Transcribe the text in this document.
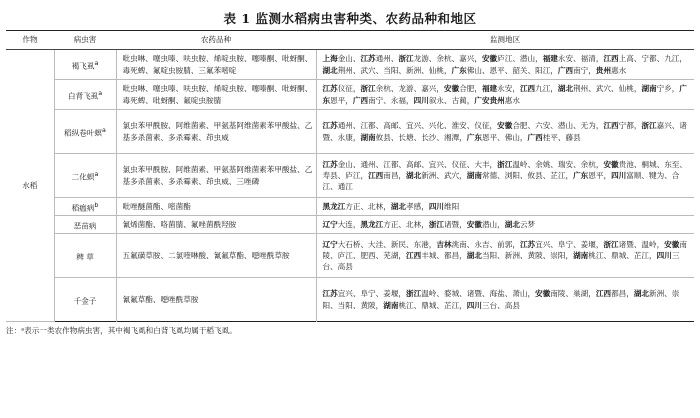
表 1 监测水稻病虫害种类、农药品种和地区
作物	病虫害	农药品种	监测地区
水稻	褐飞虱$^a$	吡虫啉、噻虫嗪、呋虫胺、烯啶虫胺、噻嗪酮、吡蚜酮、毒死蜱、氟啶虫胺腈、三氟苯嘧啶	上海金山、江苏通州、浙江龙游、余杭、嘉兴，安徽庐江、潜山，福建永安、福清，江西上高、宁都、九江，湖北荆州、武穴、当阳、新洲、仙桃，广东佛山、恩平、韶关、阳江，广西南宁，贵州惠水
	白背飞虱$^a$	吡虫啉、噻虫嗪、呋虫胺、烯啶虫胺、噻嗪酮、吡蚜酮、毒死蜱、吡蚜酮、氟啶虫胺腈	江苏仪征，浙江余杭、龙游、嘉兴，安徽合肥，福建永安，江西九江，湖北荆州、武穴、仙桃，湖南宁乡，广东恩平，广西南宁、永福，四川叙永、古蔺，广安贵州惠水
	稻纵卷叶螟$^a$	氯虫苯甲酰胺、阿维菌素、甲氨基阿维菌素苯甲酸盐、乙基多杀菌素、多杀霉素、茚虫威	江苏通州、江都、高邮、宜兴、兴化、淮安、仪征，安徽合肥、六安、潜山、无为，江西宁都，浙江嘉兴、诸暨、永康，湖南攸县、长塘、长沙、湘潭，广东恩平、佛山，广西桂平、藤县
	二化螟$^a$	氯虫苯甲酰胺、阿维菌素、甲氨基阿维菌素苯甲酸盐、乙基多杀菌素、多杀霉素、茚虫威、三唑磷	江苏金山、通州、江都、高邮、宜兴、仪征、大丰，浙江温岭、余姚、瑞安、余杭，安徽贵池、桐城、东至、寿县、庐江，江西南昌，湖北新洲、武穴，湖南常德、浏阳、攸县、芷江，广东恩平，四川富顺、犍为、合江、通江
	稻瘟病$^b$	吡唑醚菌酯、嘧菌酯	黑龙江方正、北林，湖北孝感，四川维阳
	恶苗病	氰烯菌酯、咯菌腈、氟唑菌酰羟胺	辽宁大连，黑龙江方正、北林，浙江诸暨，安徽潜山，湖北云梦
	稗 草	五氟磺草胺、二氯喹啉酸、氰氟草酯、噁唑酰草胺	辽宁大石桥、大洼、新民、东港，吉林洮南、永吉、前郭，江苏宜兴、阜宁、姜堰，浙江诸暨、温岭，安徽南陵、庐江、肥西、芜湖，江西丰城、都昌，湖北当阳、新洲、黄陂、崇阳，湖南桃江、鼎城、芷江，四川三台、高县
	千金子	氰氟草酯、噁唑酰草胺	江苏宜兴、阜宁、姜堰，浙江温岭、婺城、诸暨、海盐、萧山，安徽南陵、巢湖，江西都昌，湖北新洲、崇阳、当阳、黄陂，湖南桃江、鼎城、芷江，四川三台、高县
注：ᵃ表示一类农作物病虫害，其中褐飞虱和白背飞虱均属于稻飞虱。
